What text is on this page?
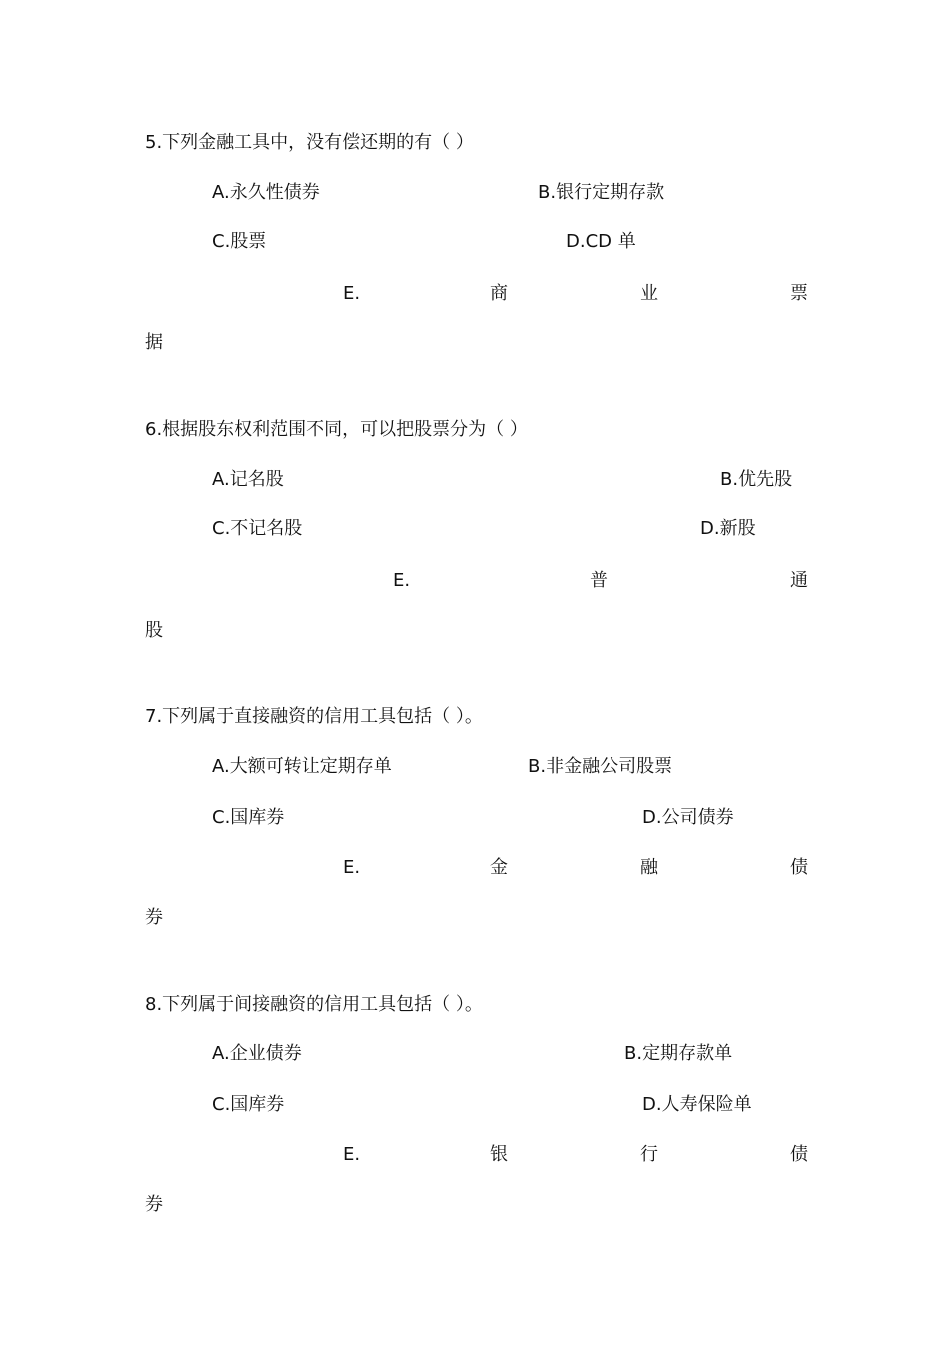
5.下列金融工具中，没有偿还期的有（ ）
A.永久性债券	B.银行定期存款
C.股票	D.CD 单
E.	商	业	票
据
6.根据股东权利范围不同，可以把股票分为（ ）
A.记名股	B.优先股
C.不记名股	D.新股
E.	普	通
股
7.下列属于直接融资的信用工具包括（ ）。
A.大额可转让定期存单	B.非金融公司股票
C.国库券	D.公司债券
E.	金	融	债
券
8.下列属于间接融资的信用工具包括（ ）。
A.企业债券	B.定期存款单
C.国库券	D.人寿保险单
E.	银	行	债
券
